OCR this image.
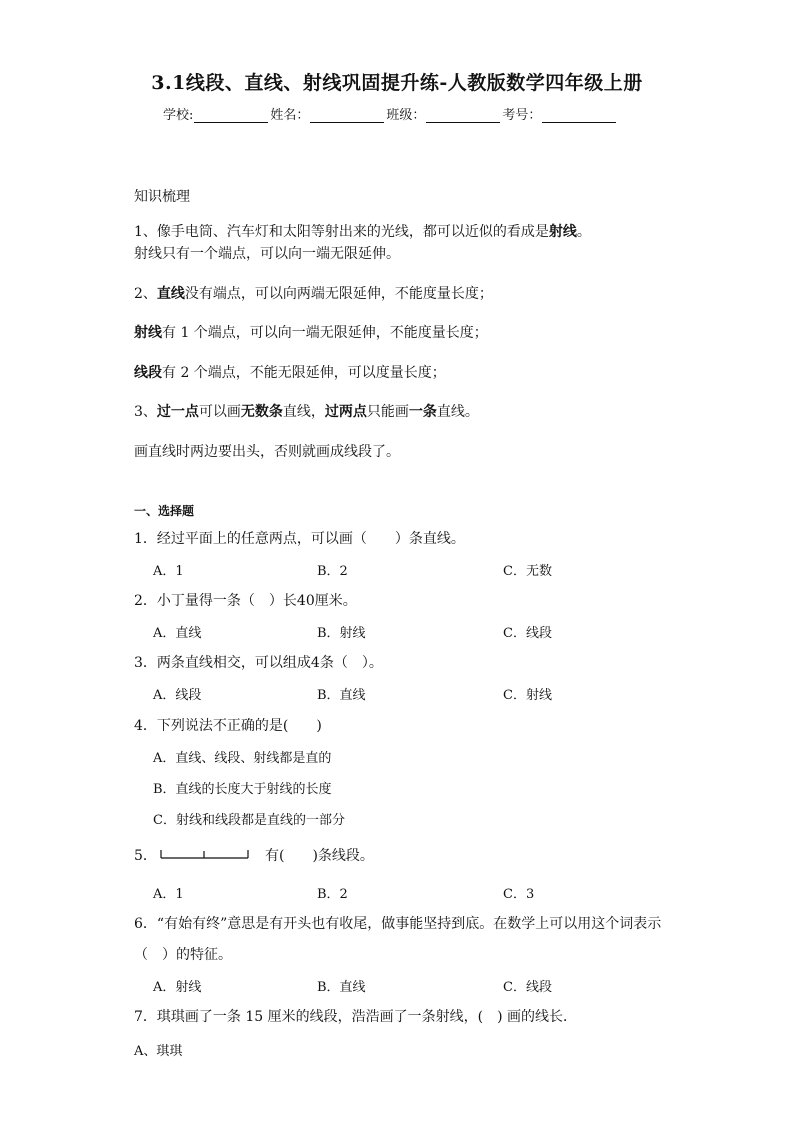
3.1线段、直线、射线巩固提升练-人教版数学四年级上册
学校:	姓名：	班级：	考号：
知识梳理
1、像手电筒、汽车灯和太阳等射出来的光线，都可以近似的看成是射线。
射线只有一个端点，可以向一端无限延伸。
2、直线没有端点，可以向两端无限延伸，不能度量长度；
射线有 1 个端点，可以向一端无限延伸，不能度量长度；
线段有 2 个端点，不能无限延伸，可以度量长度；
3、过一点可以画无数条直线，过两点只能画一条直线。
画直线时两边要出头，否则就画成线段了。
一、选择题
1．经过平面上的任意两点，可以画（　　）条直线。
A．1	B．2	C．无数
2．小丁量得一条（　）长40厘米。
A．直线	B．射线	C．线段
3．两条直线相交，可以组成4条（　）。
A．线段	B．直线	C．射线
4．下列说法不正确的是(　　)
A．直线、线段、射线都是直的
B．直线的长度大于射线的长度
C．射线和线段都是直线的一部分
5．	有(　　)条线段。
A．1	B．2	C．3
6．“有始有终”意思是有开头也有收尾，做事能坚持到底。在数学上可以用这个词表示
（　）的特征。
A．射线	B．直线	C．线段
7．琪琪画了一条 15 厘米的线段，浩浩画了一条射线，(　) 画的线长．
A、琪琪
